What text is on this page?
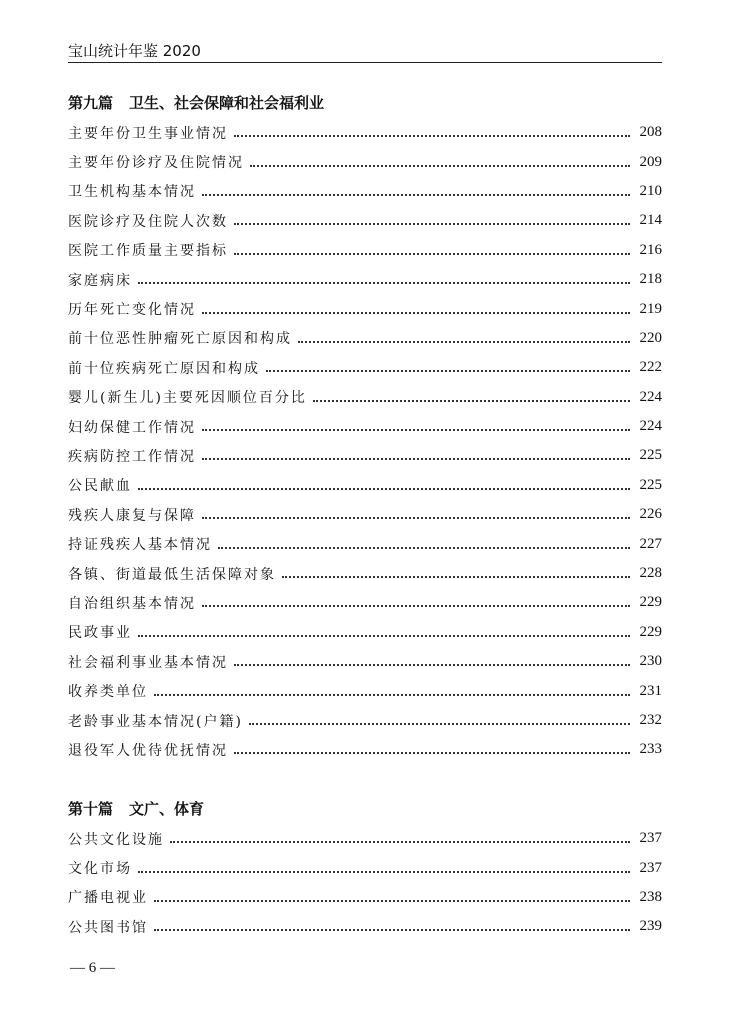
宝山统计年鉴 2020
第九篇 卫生、社会保障和社会福利业
主要年份卫生事业情况	208
主要年份诊疗及住院情况	209
卫生机构基本情况	210
医院诊疗及住院人次数	214
医院工作质量主要指标	216
家庭病床	218
历年死亡变化情况	219
前十位恶性肿瘤死亡原因和构成	220
前十位疾病死亡原因和构成	222
婴儿(新生儿)主要死因顺位百分比	224
妇幼保健工作情况	224
疾病防控工作情况	225
公民献血	225
残疾人康复与保障	226
持证残疾人基本情况	227
各镇、街道最低生活保障对象	228
自治组织基本情况	229
民政事业	229
社会福利事业基本情况	230
收养类单位	231
老龄事业基本情况(户籍)	232
退役军人优待优抚情况	233
第十篇 文广、体育
公共文化设施	237
文化市场	237
广播电视业	238
公共图书馆	239
— 6 —
